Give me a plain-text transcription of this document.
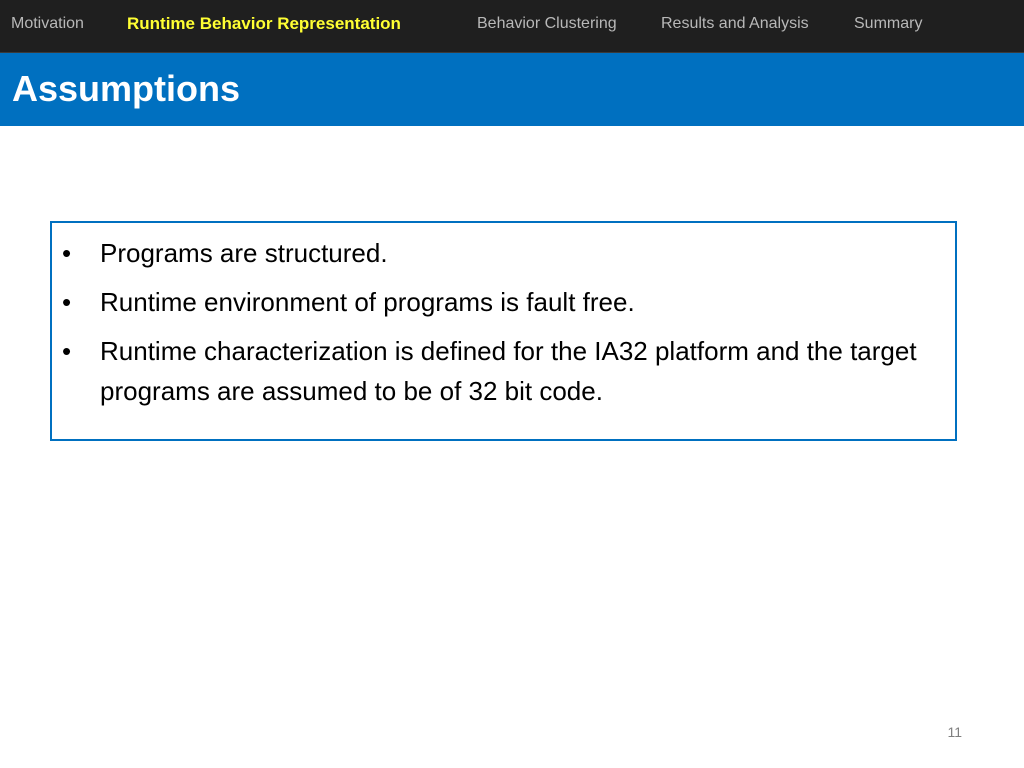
Motivation	Runtime Behavior Representation	Behavior Clustering	Results and Analysis	Summary
Assumptions
•	Programs are structured.
•	Runtime environment of programs is fault free.
•	Runtime characterization is defined for the IA32 platform and the target programs are assumed to be of 32 bit code.
11
